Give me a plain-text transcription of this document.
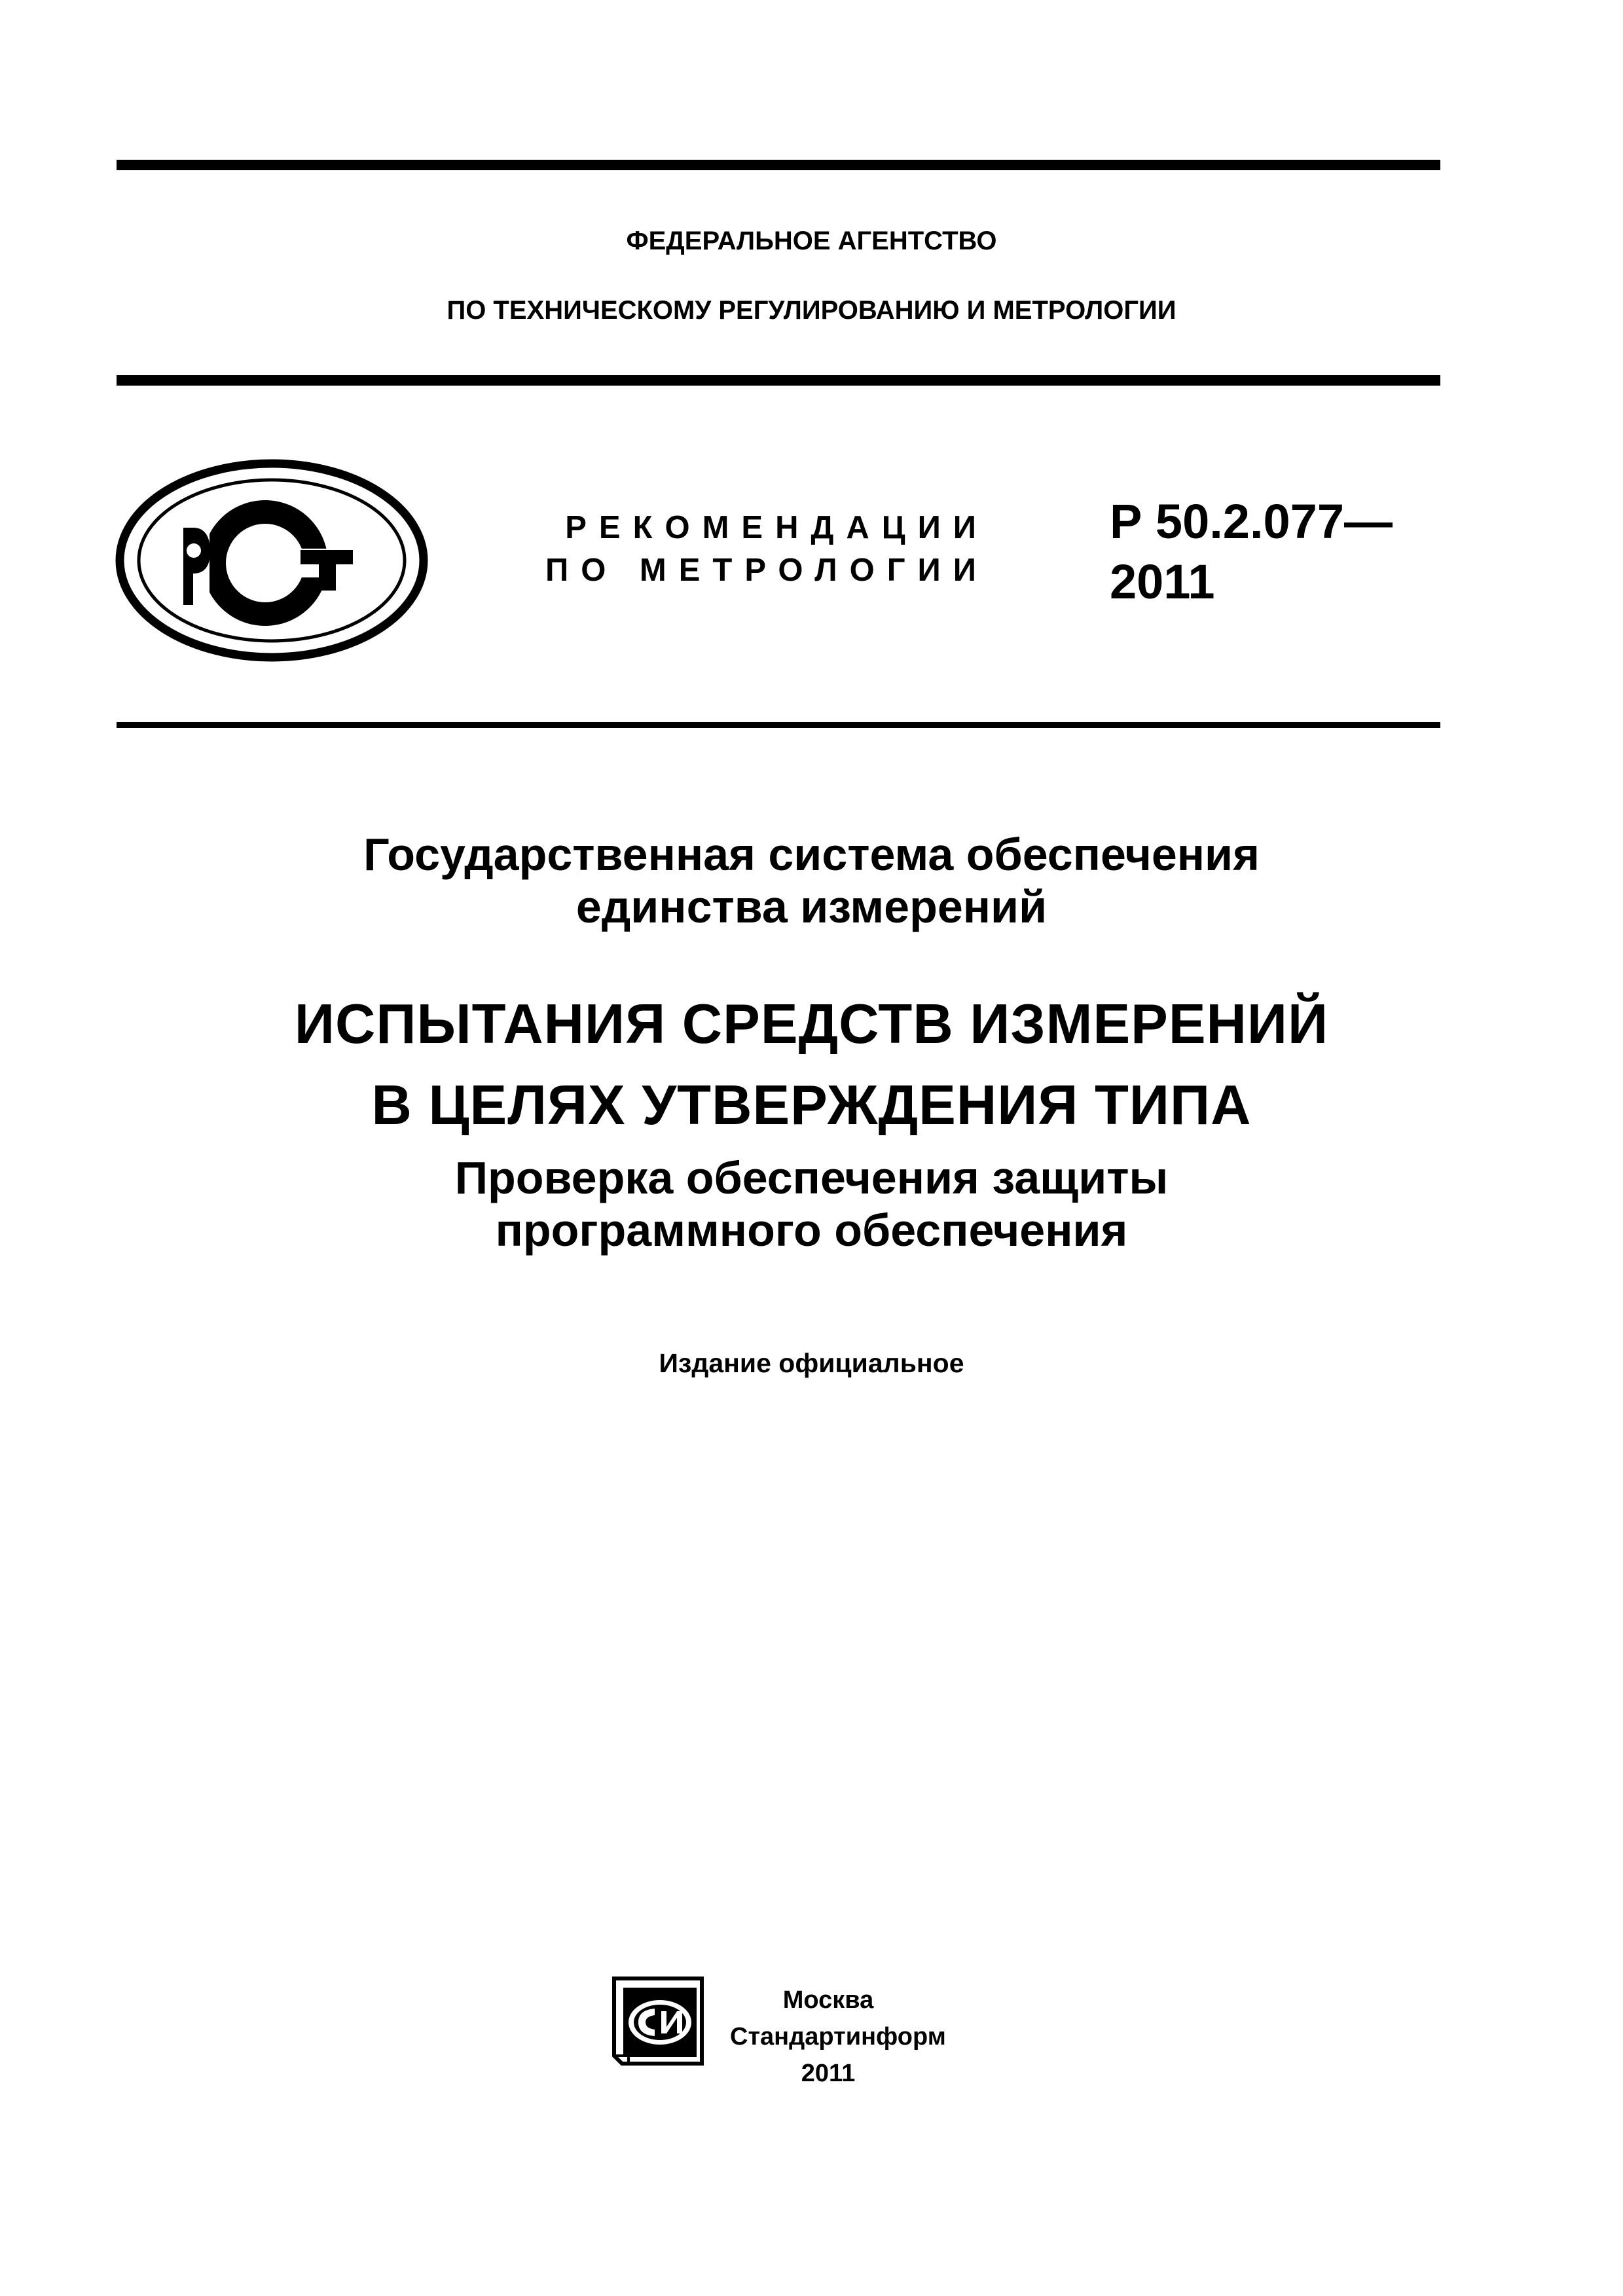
ФЕДЕРАЛЬНОЕ АГЕНТСТВО
ПО ТЕХНИЧЕСКОМУ РЕГУЛИРОВАНИЮ И МЕТРОЛОГИИ
РЕКОМЕНДАЦИИ
ПО МЕТРОЛОГИИ
Р 50.2.077—
2011
Государственная система обеспечения
единства измерений
ИСПЫТАНИЯ СРЕДСТВ ИЗМЕРЕНИЙ
В ЦЕЛЯХ УТВЕРЖДЕНИЯ ТИПА
Проверка обеспечения защиты
программного обеспечения
Издание официальное
Москва
Стандартинформ
2011
